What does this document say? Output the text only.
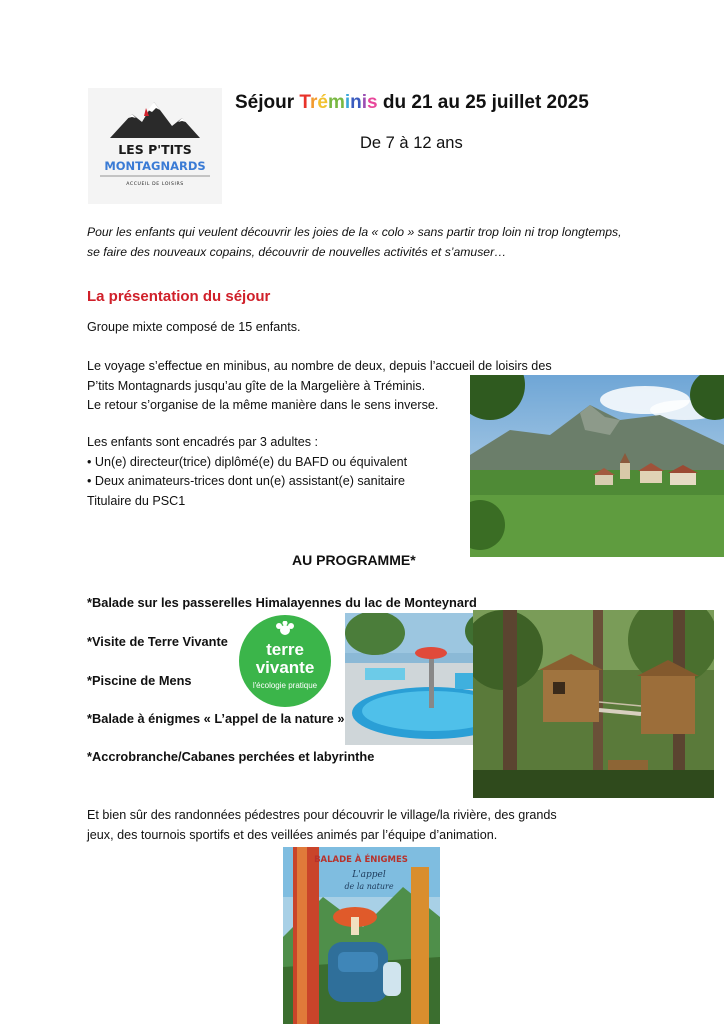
LES P'TITS
MONTAGNARDS
ACCUEIL DE LOISIRS
Séjour Tréminis du 21 au 25 juillet 2025
De 7 à 12 ans
Pour les enfants qui veulent découvrir les joies de la « colo » sans partir trop loin ni trop longtemps, se faire des nouveaux copains, découvrir de nouvelles activités et s’amuser…
La présentation du séjour
Groupe mixte composé de 15 enfants.
Le voyage s’effectue en minibus, au nombre de deux, depuis l’accueil de loisirs des
P’tits Montagnards jusqu’au gîte de la Margelière à Tréminis.
Le retour s’organise de la même manière dans le sens inverse.
Les enfants sont encadrés par 3 adultes :
• Un(e) directeur(trice) diplômé(e) du BAFD ou équivalent
• Deux animateurs-trices dont un(e) assistant(e) sanitaire
Titulaire du PSC1
AU PROGRAMME*
*Balade sur les passerelles Himalayennes du lac de Monteynard
*Visite de Terre Vivante
*Piscine de Mens
*Balade à énigmes « L’appel de la nature »
*Accrobranche/Cabanes perchées et labyrinthe
terre
vivante
l'écologie pratique
Et bien sûr des randonnées pédestres pour découvrir le village/la rivière, des grands
jeux, des tournois sportifs et des veillées animés par l’équipe d’animation.
BALADE À ÉNIGMES
L'appel
de la nature
